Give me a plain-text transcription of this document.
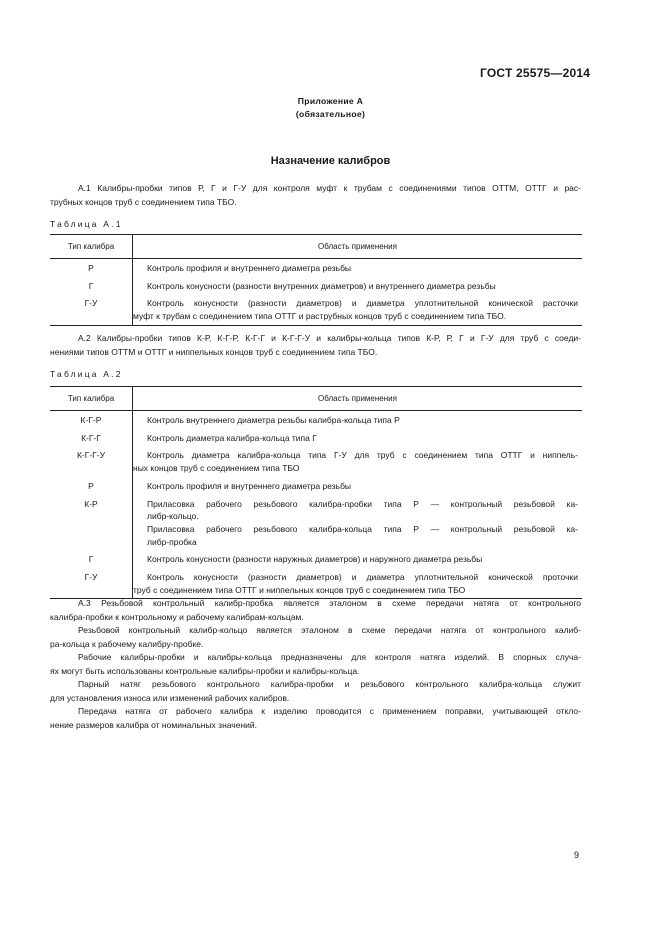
ГОСТ 25575—2014
Приложение А
(обязательное)
Назначение калибров
А.1 Калибры-пробки типов Р, Г и Г-У для контроля муфт к трубам с соединениями типов ОТТМ, ОТТГ и рас-
трубных концов труб с соединением типа ТБО.
Таблица А.1
Тип калибра	Область применения
Р	Контроль профиля и внутреннего диаметра резьбы

Г	Контроль конусности (разности внутренних диаметров) и внутреннего диаметра резьбы

Г-У	Контроль конусности (разности диаметров) и диаметра уплотнительной конической расточки
муфт к трубам с соединением типа ОТТГ и раструбных концов труб с соединением типа ТБО.
А.2 Калибры-пробки типов К-Р, К-Г-Р, К-Г-Г и К-Г-Г-У и калибры-кольца типов К-Р, Р, Г и Г-У для труб с соеди-
нениями типов ОТТМ и ОТТГ и ниппельных концов труб с соединением типа ТБО.
Таблица А.2
Тип калибра	Область применения
К-Г-Р	Контроль внутреннего диаметра резьбы калибра-кольца типа Р

К-Г-Г	Контроль диаметра калибра-кольца типа Г

К-Г-Г-У	Контроль диаметра калибра-кольца типа Г-У для труб с соединением типа ОТТГ и ниппель-
ных концов труб с соединением типа ТБО

Р	Контроль профиля и внутреннего диаметра резьбы

К-Р	Приласовка рабочего резьбового калибра-пробки типа Р — контрольный резьбовой ка-
либр-кольцо.
Приласовка рабочего резьбового калибра-кольца типа Р — контрольный резьбовой ка-
либр-пробка

Г	Контроль конусности (разности наружных диаметров) и наружного диаметра резьбы

Г-У	Контроль конусности (разности диаметров) и диаметра уплотнительной конической проточки
труб с соединением типа ОТТГ и ниппельных концов труб с соединением типа ТБО
А.3 Резьбовой контрольный калибр-пробка является эталоном в схеме передачи натяга от контрольного
калибра-пробки к контрольному и рабочему калибрам-кольцам.
Резьбовой контрольный калибр-кольцо является эталоном в схеме передачи натяга от контрольного калиб-
ра-кольца к рабочему калибру-пробке.
Рабочие калибры-пробки и калибры-кольца предназначены для контроля натяга изделий. В спорных случа-
ях могут быть использованы контрольные калибры-пробки и калибры-кольца.
Парный натяг резьбового контрольного калибра-пробки и резьбового контрольного калибра-кольца служит
для установления износа или изменений рабочих калибров.
Передача натяга от рабочего калибра к изделию проводится с применением поправки, учитывающей откло-
нение размеров калибра от номинальных значений.
9
